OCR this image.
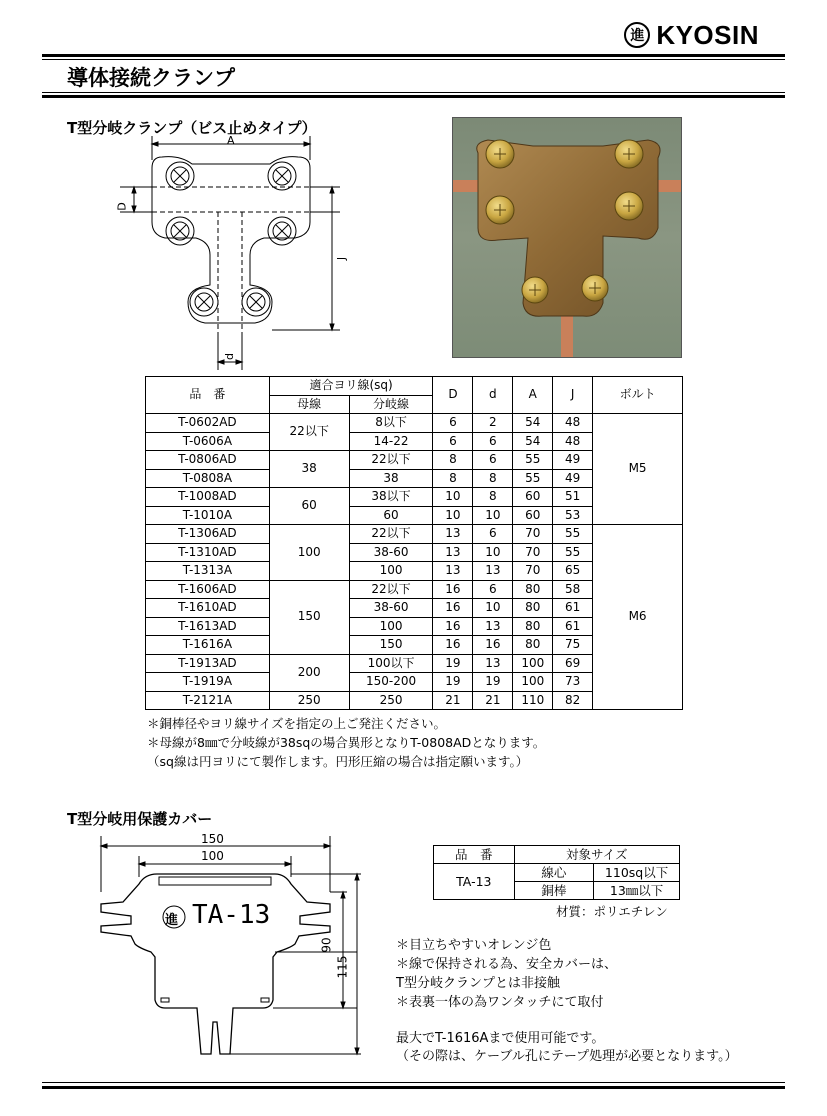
進 KYOSIN
導体接続クランプ
T型分岐クランプ（ビス止めタイプ）
A
D
J
d
品　番	適合ヨリ線(sq)		D	d	A	J	ボルト
	母線	分岐線					
T-0602AD	22以下	8以下	6	2	54	48	M5
T-0606A		14-22	6	6	54	48	
T-0806AD	38	22以下	8	6	55	49	
T-0808A		38	8	8	55	49	
T-1008AD	60	38以下	10	8	60	51	
T-1010A		60	10	10	60	53	
T-1306AD	100	22以下	13	6	70	55	M6
T-1310AD		38-60	13	10	70	55	
T-1313A		100	13	13	70	65	
T-1606AD	150	22以下	16	6	80	58	
T-1610AD		38-60	16	10	80	61	
T-1613AD		100	16	13	80	61	
T-1616A		150	16	16	80	75	
T-1913AD	200	100以下	19	13	100	69	
T-1919A		150-200	19	19	100	73	
T-2121A	250	250	21	21	110	82	
＊銅棒径やヨリ線サイズを指定の上ご発注ください。
＊母線が8㎜で分岐線が38sqの場合異形となりT-0808ADとなります。
（sq線は円ヨリにて製作します。円形圧縮の場合は指定願います。）
T型分岐用保護カバー
150
100
90
115
進 TA-13
品　番	対象サイズ	
TA-13	線心	110sq以下
	銅棒	13㎜以下
材質：ポリエチレン
＊目立ちやすいオレンジ色
＊線で保持される為、安全カバーは、
T型分岐クランプとは非接触
＊表裏一体の為ワンタッチにて取付
最大でT-1616Aまで使用可能です。
（その際は、ケーブル孔にテープ処理が必要となります。）
